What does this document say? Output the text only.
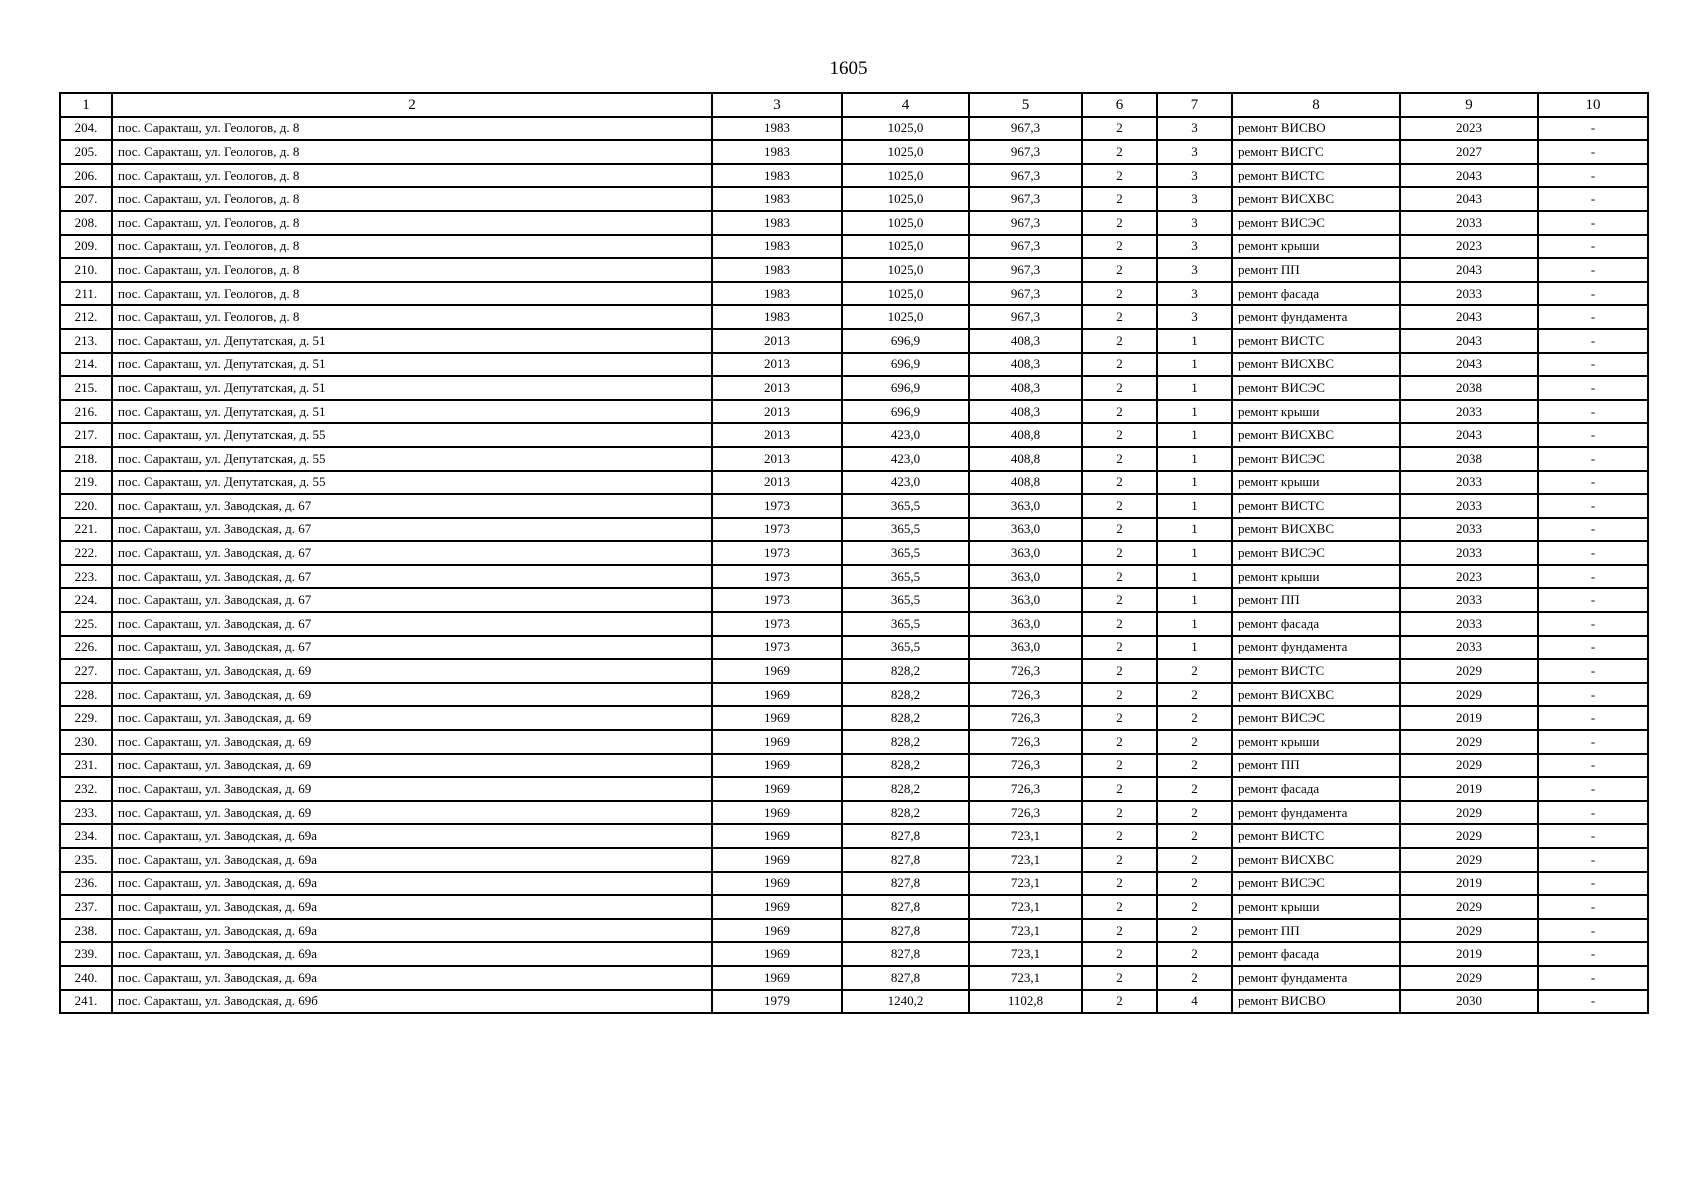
1605
1	2	3	4	5	6	7	8	9	10
204.	пос. Саракташ, ул. Геологов, д. 8	1983	1025,0	967,3	2	3	ремонт ВИСВО	2023	-
205.	пос. Саракташ, ул. Геологов, д. 8	1983	1025,0	967,3	2	3	ремонт ВИСГС	2027	-
206.	пос. Саракташ, ул. Геологов, д. 8	1983	1025,0	967,3	2	3	ремонт ВИСТС	2043	-
207.	пос. Саракташ, ул. Геологов, д. 8	1983	1025,0	967,3	2	3	ремонт ВИСХВС	2043	-
208.	пос. Саракташ, ул. Геологов, д. 8	1983	1025,0	967,3	2	3	ремонт ВИСЭС	2033	-
209.	пос. Саракташ, ул. Геологов, д. 8	1983	1025,0	967,3	2	3	ремонт крыши	2023	-
210.	пос. Саракташ, ул. Геологов, д. 8	1983	1025,0	967,3	2	3	ремонт ПП	2043	-
211.	пос. Саракташ, ул. Геологов, д. 8	1983	1025,0	967,3	2	3	ремонт фасада	2033	-
212.	пос. Саракташ, ул. Геологов, д. 8	1983	1025,0	967,3	2	3	ремонт фундамента	2043	-
213.	пос. Саракташ, ул. Депутатская, д. 51	2013	696,9	408,3	2	1	ремонт ВИСТС	2043	-
214.	пос. Саракташ, ул. Депутатская, д. 51	2013	696,9	408,3	2	1	ремонт ВИСХВС	2043	-
215.	пос. Саракташ, ул. Депутатская, д. 51	2013	696,9	408,3	2	1	ремонт ВИСЭС	2038	-
216.	пос. Саракташ, ул. Депутатская, д. 51	2013	696,9	408,3	2	1	ремонт крыши	2033	-
217.	пос. Саракташ, ул. Депутатская, д. 55	2013	423,0	408,8	2	1	ремонт ВИСХВС	2043	-
218.	пос. Саракташ, ул. Депутатская, д. 55	2013	423,0	408,8	2	1	ремонт ВИСЭС	2038	-
219.	пос. Саракташ, ул. Депутатская, д. 55	2013	423,0	408,8	2	1	ремонт крыши	2033	-
220.	пос. Саракташ, ул. Заводская, д. 67	1973	365,5	363,0	2	1	ремонт ВИСТС	2033	-
221.	пос. Саракташ, ул. Заводская, д. 67	1973	365,5	363,0	2	1	ремонт ВИСХВС	2033	-
222.	пос. Саракташ, ул. Заводская, д. 67	1973	365,5	363,0	2	1	ремонт ВИСЭС	2033	-
223.	пос. Саракташ, ул. Заводская, д. 67	1973	365,5	363,0	2	1	ремонт крыши	2023	-
224.	пос. Саракташ, ул. Заводская, д. 67	1973	365,5	363,0	2	1	ремонт ПП	2033	-
225.	пос. Саракташ, ул. Заводская, д. 67	1973	365,5	363,0	2	1	ремонт фасада	2033	-
226.	пос. Саракташ, ул. Заводская, д. 67	1973	365,5	363,0	2	1	ремонт фундамента	2033	-
227.	пос. Саракташ, ул. Заводская, д. 69	1969	828,2	726,3	2	2	ремонт ВИСТС	2029	-
228.	пос. Саракташ, ул. Заводская, д. 69	1969	828,2	726,3	2	2	ремонт ВИСХВС	2029	-
229.	пос. Саракташ, ул. Заводская, д. 69	1969	828,2	726,3	2	2	ремонт ВИСЭС	2019	-
230.	пос. Саракташ, ул. Заводская, д. 69	1969	828,2	726,3	2	2	ремонт крыши	2029	-
231.	пос. Саракташ, ул. Заводская, д. 69	1969	828,2	726,3	2	2	ремонт ПП	2029	-
232.	пос. Саракташ, ул. Заводская, д. 69	1969	828,2	726,3	2	2	ремонт фасада	2019	-
233.	пос. Саракташ, ул. Заводская, д. 69	1969	828,2	726,3	2	2	ремонт фундамента	2029	-
234.	пос. Саракташ, ул. Заводская, д. 69а	1969	827,8	723,1	2	2	ремонт ВИСТС	2029	-
235.	пос. Саракташ, ул. Заводская, д. 69а	1969	827,8	723,1	2	2	ремонт ВИСХВС	2029	-
236.	пос. Саракташ, ул. Заводская, д. 69а	1969	827,8	723,1	2	2	ремонт ВИСЭС	2019	-
237.	пос. Саракташ, ул. Заводская, д. 69а	1969	827,8	723,1	2	2	ремонт крыши	2029	-
238.	пос. Саракташ, ул. Заводская, д. 69а	1969	827,8	723,1	2	2	ремонт ПП	2029	-
239.	пос. Саракташ, ул. Заводская, д. 69а	1969	827,8	723,1	2	2	ремонт фасада	2019	-
240.	пос. Саракташ, ул. Заводская, д. 69а	1969	827,8	723,1	2	2	ремонт фундамента	2029	-
241.	пос. Саракташ, ул. Заводская, д. 69б	1979	1240,2	1102,8	2	4	ремонт ВИСВО	2030	-
